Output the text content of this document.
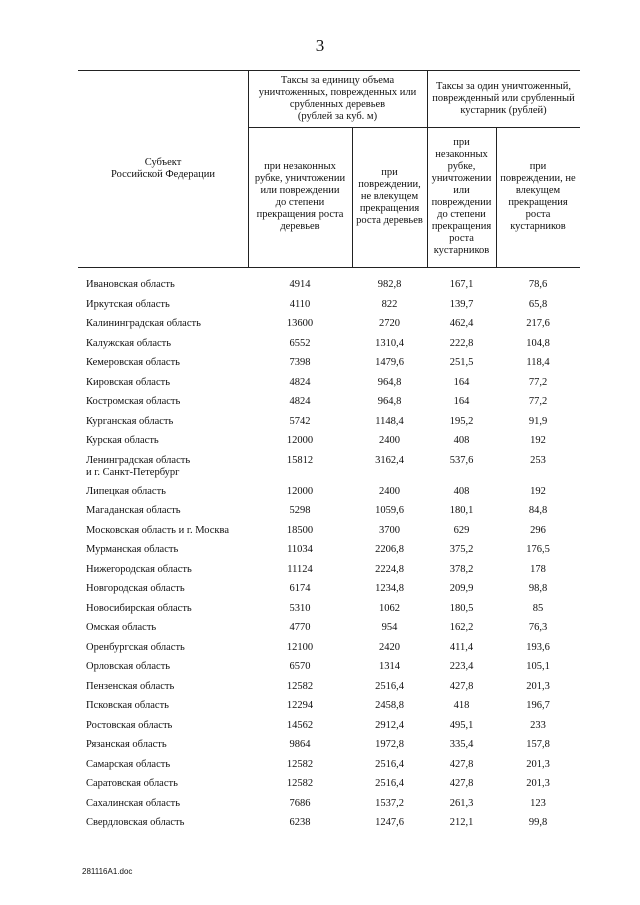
3
Субъект
Российской Федерации
Таксы за единицу объема
уничтоженных, поврежденных или
срубленных деревьев
(рублей за куб. м)
Таксы за один уничтоженный,
поврежденный или срубленный
кустарник (рублей)
при незаконных
рубке, уничтожении
или повреждении
до степени
прекращения роста
деревьев
при
повреждении,
не влекущем
прекращения
роста деревьев
при
незаконных
рубке,
уничтожении
или
повреждении
до степени
прекращения
роста
кустарников
при
повреждении, не
влекущем
прекращения
роста
кустарников
Ивановская область	4914	982,8	167,1	78,6
Иркутская область	4110	822	139,7	65,8
Калининградская область	13600	2720	462,4	217,6
Калужская область	6552	1310,4	222,8	104,8
Кемеровская область	7398	1479,6	251,5	118,4
Кировская область	4824	964,8	164	77,2
Костромская область	4824	964,8	164	77,2
Курганская область	5742	1148,4	195,2	91,9
Курская область	12000	2400	408	192
Ленинградская область
и г. Санкт-Петербург
15812	3162,4	537,6	253
Липецкая область	12000	2400	408	192
Магаданская область	5298	1059,6	180,1	84,8
Московская область и г. Москва	18500	3700	629	296
Мурманская область	11034	2206,8	375,2	176,5
Нижегородская область	11124	2224,8	378,2	178
Новгородская область	6174	1234,8	209,9	98,8
Новосибирская область	5310	1062	180,5	85
Омская область	4770	954	162,2	76,3
Оренбургская область	12100	2420	411,4	193,6
Орловская область	6570	1314	223,4	105,1
Пензенская область	12582	2516,4	427,8	201,3
Псковская область	12294	2458,8	418	196,7
Ростовская область	14562	2912,4	495,1	233
Рязанская область	9864	1972,8	335,4	157,8
Самарская область	12582	2516,4	427,8	201,3
Саратовская область	12582	2516,4	427,8	201,3
Сахалинская область	7686	1537,2	261,3	123
Свердловская область	6238	1247,6	212,1	99,8
281116A1.doc
